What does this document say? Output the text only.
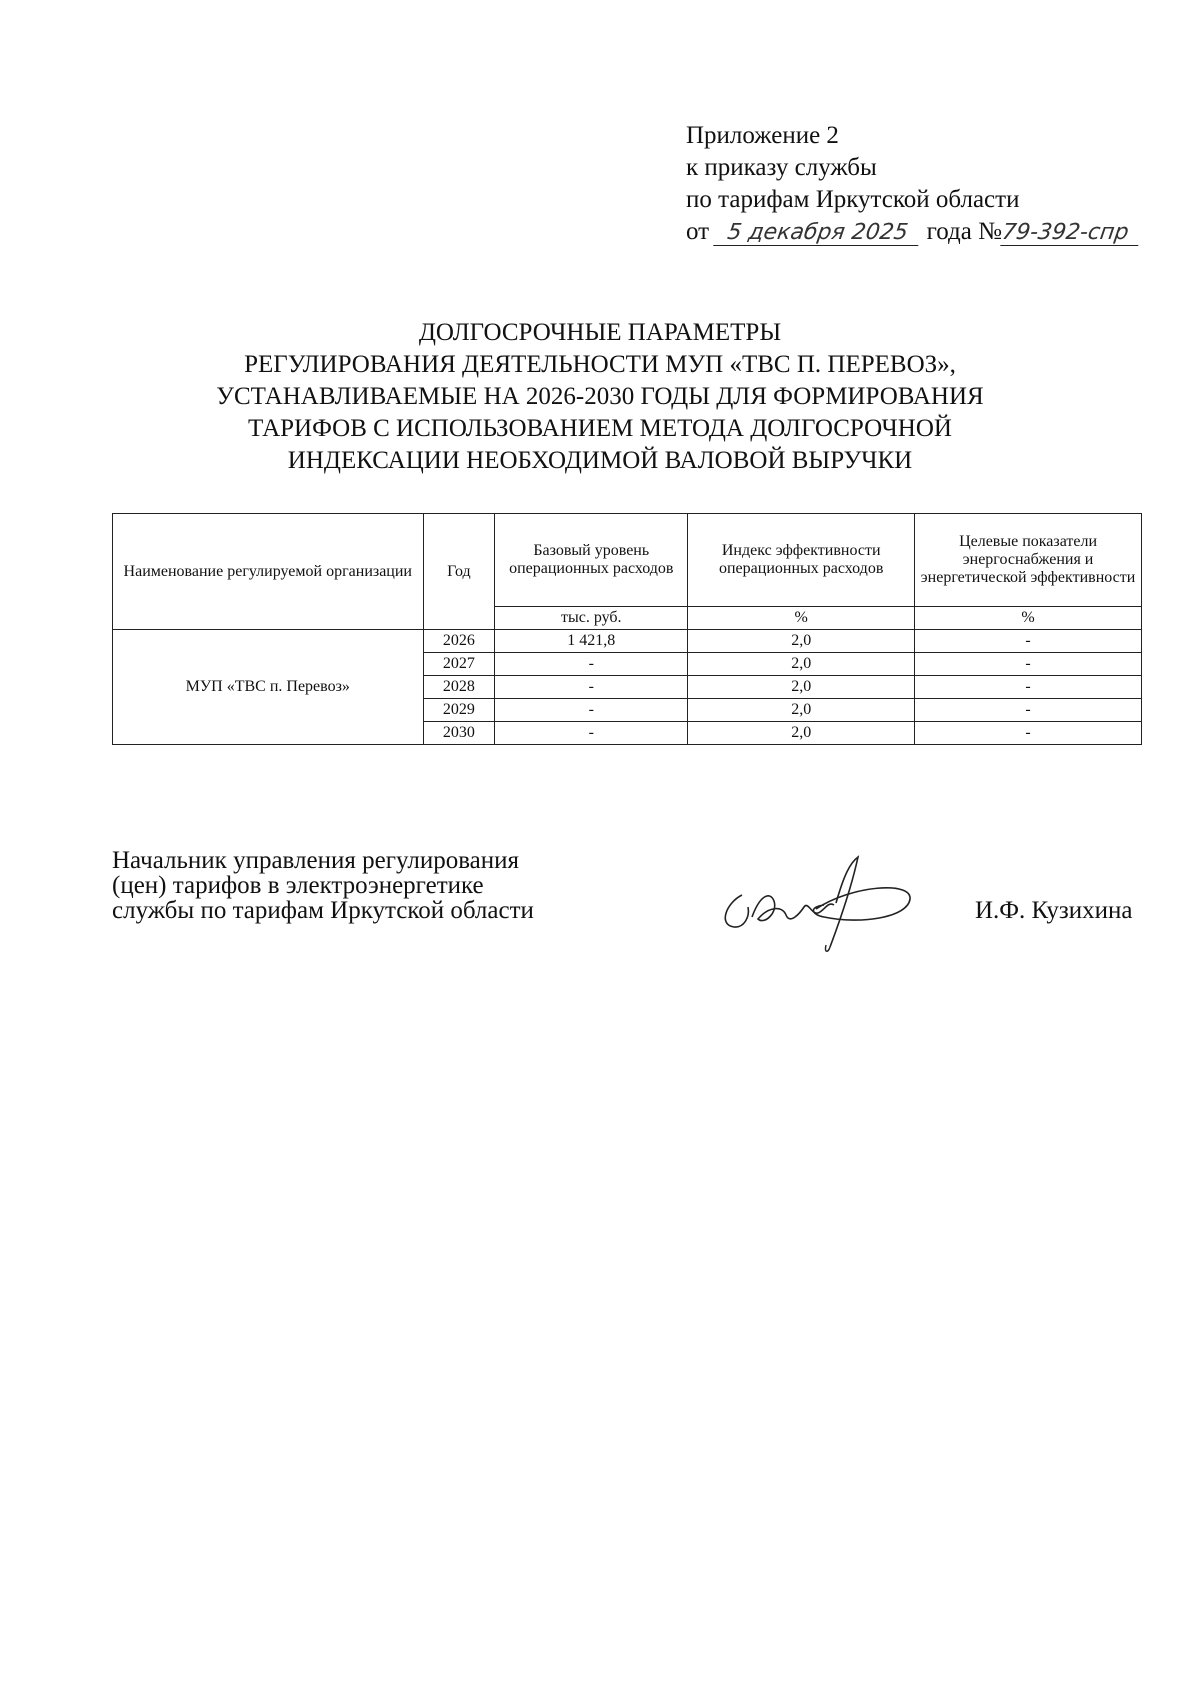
Приложение 2
к приказу службы
по тарифам Иркутской области
от 5 декабря 2025 года №79-392-спр
ДОЛГОСРОЧНЫЕ ПАРАМЕТРЫ
РЕГУЛИРОВАНИЯ ДЕЯТЕЛЬНОСТИ МУП «ТВС П. ПЕРЕВОЗ»,
УСТАНАВЛИВАЕМЫЕ НА 2026-2030 ГОДЫ ДЛЯ ФОРМИРОВАНИЯ
ТАРИФОВ С ИСПОЛЬЗОВАНИЕМ МЕТОДА ДОЛГОСРОЧНОЙ
ИНДЕКСАЦИИ НЕОБХОДИМОЙ ВАЛОВОЙ ВЫРУЧКИ
Наименование регулируемой организации	Год	Базовый уровень операционных расходов	Индекс эффективности операционных расходов	Целевые показатели энергоснабжения и энергетической эффективности
		тыс. руб.	%	%
МУП «ТВС п. Перевоз»	2026	1 421,8	2,0	-
	2027	-	2,0	-
	2028	-	2,0	-
	2029	-	2,0	-
	2030	-	2,0	-
Начальник управления регулирования
(цен) тарифов в электроэнергетике
службы по тарифам Иркутской области	И.Ф. Кузихина
